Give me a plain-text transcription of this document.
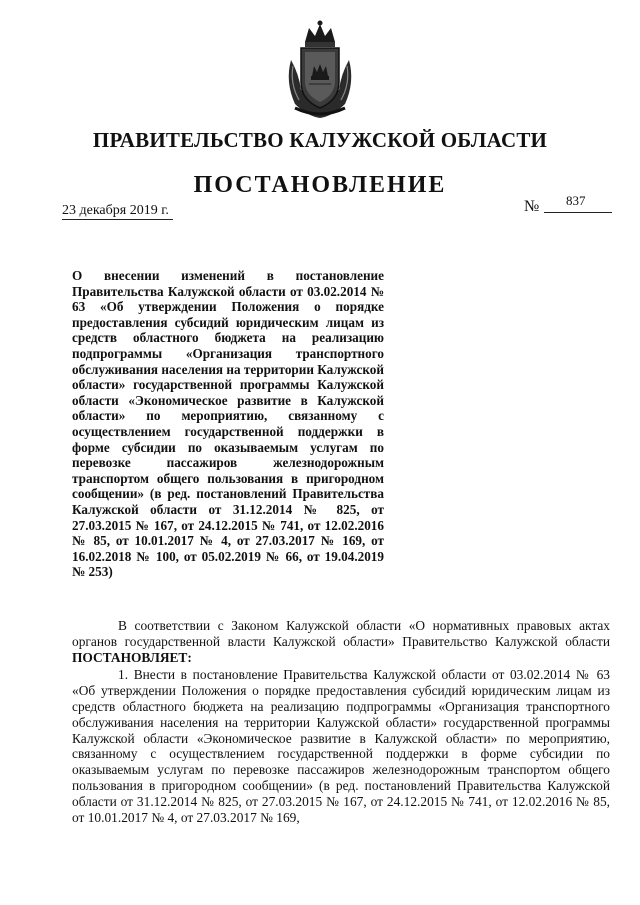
ПРАВИТЕЛЬСТВО КАЛУЖСКОЙ ОБЛАСТИ
ПОСТАНОВЛЕНИЕ
23 декабря 2019 г.	№ 837
О внесении изменений в постановление Правительства Калужской области от 03.02.2014 № 63 «Об утверждении Положения о порядке предоставления субсидий юридическим лицам из средств областного бюджета на реализацию подпрограммы «Организация транспортного обслуживания населения на территории Калужской области» государственной программы Калужской области «Экономическое развитие в Калужской области» по мероприятию, связанному с осуществлением государственной поддержки в форме субсидии по оказываемым услугам по перевозке пассажиров железнодорожным транспортом общего пользования в пригородном сообщении» (в ред. постановлений Правительства Калужской области от 31.12.2014 № 825, от 27.03.2015 № 167, от 24.12.2015 № 741, от 12.02.2016 № 85, от 10.01.2017 № 4, от 27.03.2017 № 169, от 16.02.2018 № 100, от 05.02.2019 № 66, от 19.04.2019 № 253)

В соответствии с Законом Калужской области «О нормативных правовых актах органов государственной власти Калужской области» Правительство Калужской области ПОСТАНОВЛЯЕТ:

1. Внести в постановление Правительства Калужской области от 03.02.2014 № 63 «Об утверждении Положения о порядке предоставления субсидий юридическим лицам из средств областного бюджета на реализацию подпрограммы «Организация транспортного обслуживания населения на территории Калужской области» государственной программы Калужской области «Экономическое развитие в Калужской области» по мероприятию, связанному с осуществлением государственной поддержки в форме субсидии по оказываемым услугам по перевозке пассажиров железнодорожным транспортом общего пользования в пригородном сообщении» (в ред. постановлений Правительства Калужской области от 31.12.2014 № 825, от 27.03.2015 № 167, от 24.12.2015 № 741, от 12.02.2016 № 85, от 10.01.2017 № 4, от 27.03.2017 № 169,
